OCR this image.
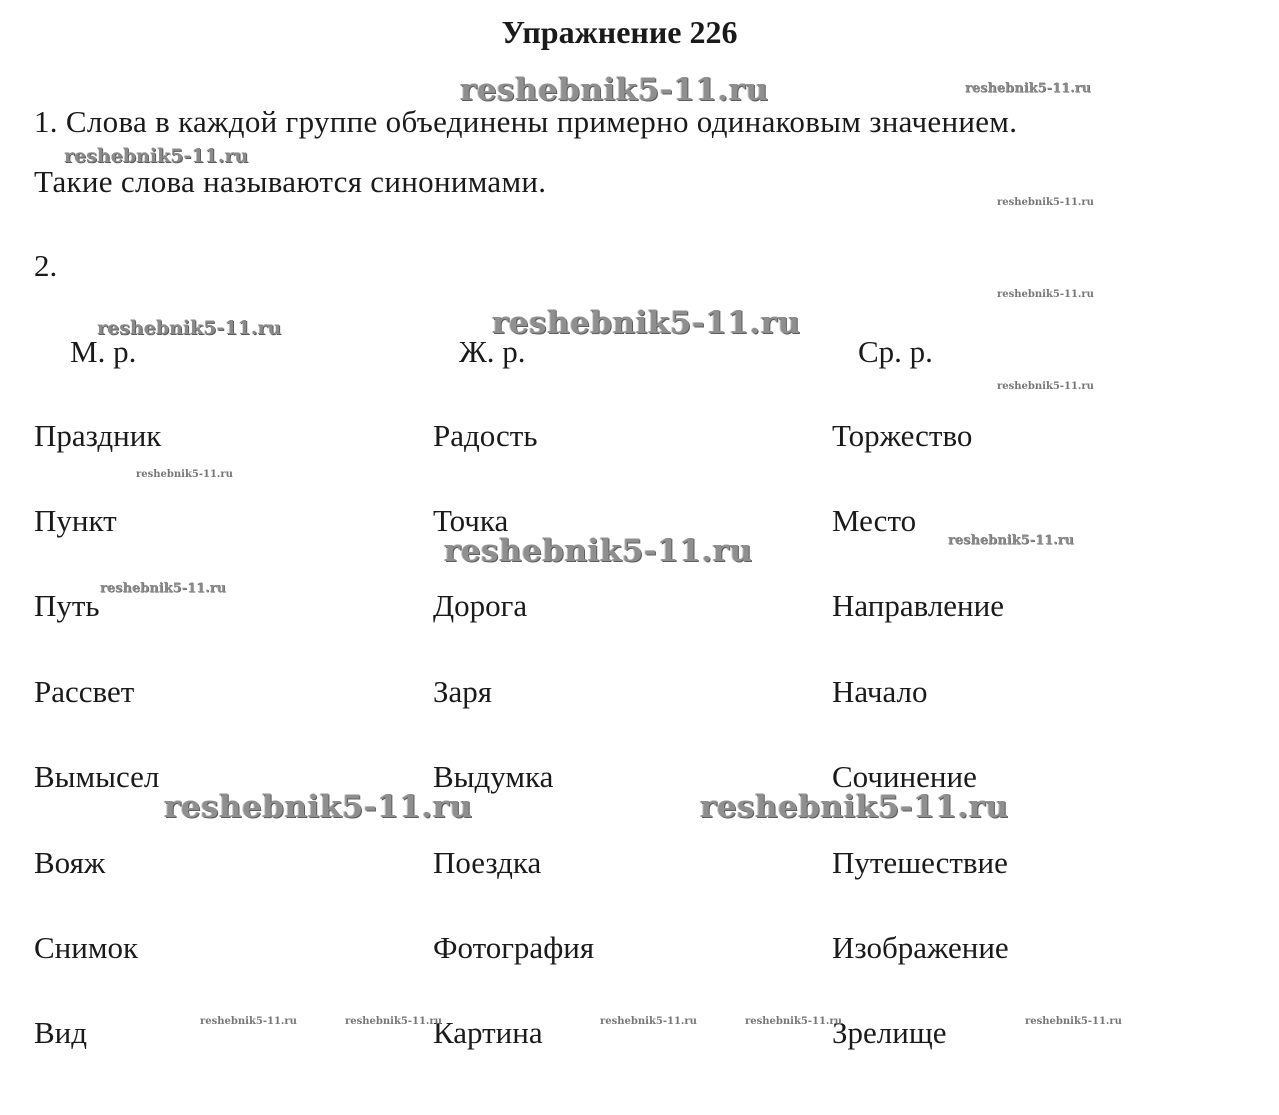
Упражнение 226
1. Слова в каждой группе объединены примерно одинаковым значением.
Такие слова называются синонимами.
2.
М. р.	Ж. р.	Ср. р.
Праздник	Радость	Торжество
Пункт	Точка	Место
Путь	Дорога	Направление
Рассвет	Заря	Начало
Вымысел	Выдумка	Сочинение
Вояж	Поездка	Путешествие
Снимок	Фотография	Изображение
Вид	Картина	Зрелище
reshebnik5-11.ru	reshebnik5-11.ru
reshebnik5-11.ru
reshebnik5-11.ru
reshebnik5-11.ru
reshebnik5-11.ru	reshebnik5-11.ru
reshebnik5-11.ru
reshebnik5-11.ru
reshebnik5-11.ru	reshebnik5-11.ru
reshebnik5-11.ru
reshebnik5-11.ru	reshebnik5-11.ru
reshebnik5-11.ru	reshebnik5-11.ru	reshebnik5-11.ru	reshebnik5-11.ru	reshebnik5-11.ru
